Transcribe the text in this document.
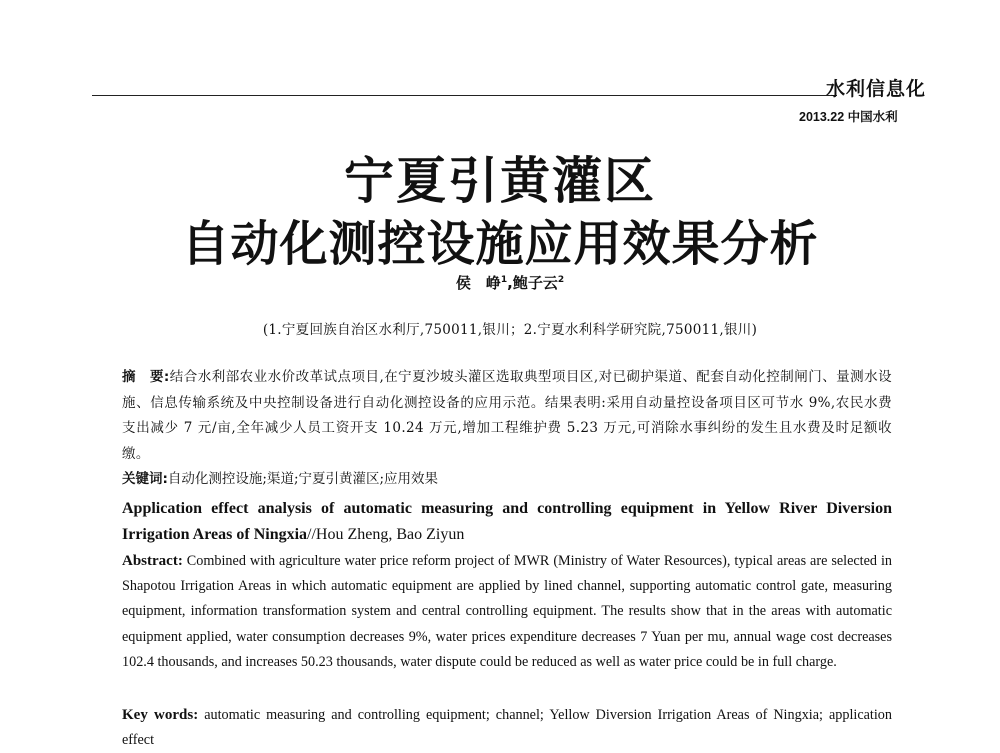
水利信息化
2013.22 中国水利
宁夏引黄灌区
自动化测控设施应用效果分析
侯　峥$^1$,鲍子云$^2$
(1.宁夏回族自治区水利厅,750011,银川；2.宁夏水利科学研究院,750011,银川)
摘　要:结合水利部农业水价改革试点项目,在宁夏沙坡头灌区选取典型项目区,对已砌护渠道、配套自动化控制闸门、量测水设施、信息传输系统及中央控制设备进行自动化测控设备的应用示范。结果表明:采用自动量控设备项目区可节水 9%,农民水费支出减少 7 元/亩,全年减少人员工资开支 10.24 万元,增加工程维护费 5.23 万元,可消除水事纠纷的发生且水费及时足额收缴。
关键词:自动化测控设施;渠道;宁夏引黄灌区;应用效果
Application effect analysis of automatic measuring and controlling equipment in Yellow River Diversion Irrigation Areas of Ningxia//Hou Zheng, Bao Ziyun
Abstract: Combined with agriculture water price reform project of MWR (Ministry of Water Resources), typical areas are selected in Shapotou Irrigation Areas in which automatic equipment are applied by lined channel, supporting automatic control gate, measuring equipment, information transformation system and central controlling equipment. The results show that in the areas with automatic equipment applied, water consumption decreases 9%, water prices expenditure decreases 7 Yuan per mu, annual wage cost decreases 102.4 thousands, and increases 50.23 thousands, water dispute could be reduced as well as water price could be in full charge.
Key words: automatic measuring and controlling equipment; channel; Yellow Diversion Irrigation Areas of Ningxia; application effect
